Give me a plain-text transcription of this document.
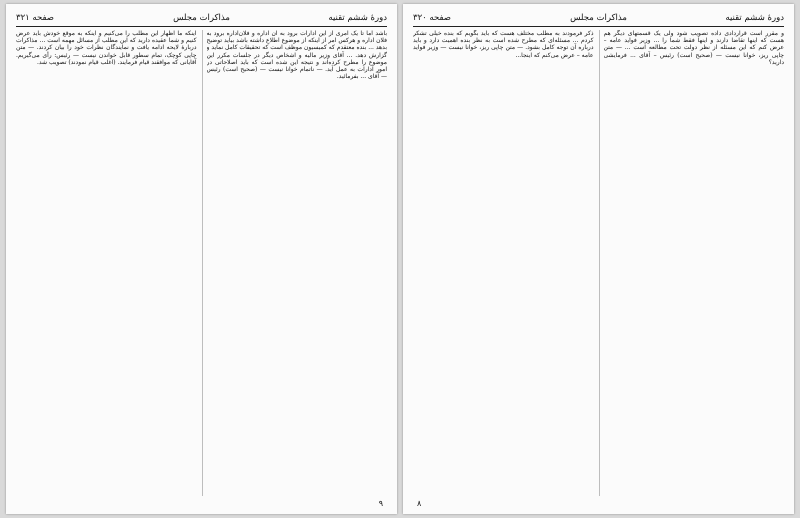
دورهٔ ششم تقنیه
مذاکرات مجلس
صفحه ۳۲۱
باشد اما تا یک امری از این ادارات برود به آن اداره و فلان‌اداره برود به فلان اداره و هرکس امر از اینکه از موضوع اطلاع داشته باشد بیاید توضیح بدهد ... بنده معتقدم که کمیسیون موظف است که تحقیقات کامل نماید و گزارش دهد. ... آقای وزیر مالیه و اشخاص دیگر در جلسات مکرر این موضوع را مطرح کرده‌اند و نتیجه این شده است که باید اصلاحاتی در امور ادارات به عمل آید. — ناتمام خوانا نیست — (صحیح است) رئیس — آقای ... بفرمائید.
اینکه ما اظهار این مطلب را می‌کنیم و اینکه به موقع خودش باید عرض کنیم و شما عقیده دارید که این مطلب از مسائل مهمه است ... مذاکرات دربارهٔ لایحه ادامه یافت و نمایندگان نظرات خود را بیان کردند. — متن چاپی کوچک، تمام سطور قابل خواندن نیست — رئیس: رأی می‌گیریم. آقایانی که موافقند قیام فرمایند. (اغلب قیام نمودند) تصویب شد.
۹
دورهٔ ششم تقنیه
مذاکرات مجلس
صفحه ۳۲۰
و مقرر است قراردادی داده تصویب شود ولی یک قسمتهای دیگر هم هست که اینها تقاضا دارند و اینها فقط شما را ... وزیر فواید عامه – عرض کنم که این مسئله از نظر دولت تحت مطالعه است ... — متن چاپی ریز، خوانا نیست — (صحیح است) رئیس – آقای ... فرمایشی دارید؟
ذکر فرمودند به مطلب مختلف هست که باید بگویم که بنده خیلی تشکر کردم ... مسئله‌ای که مطرح شده است به نظر بنده اهمیت دارد و باید درباره آن توجه کامل بشود. — متن چاپی ریز، خوانا نیست — وزیر فواید عامه – عرض می‌کنم که اینجا...
۸
